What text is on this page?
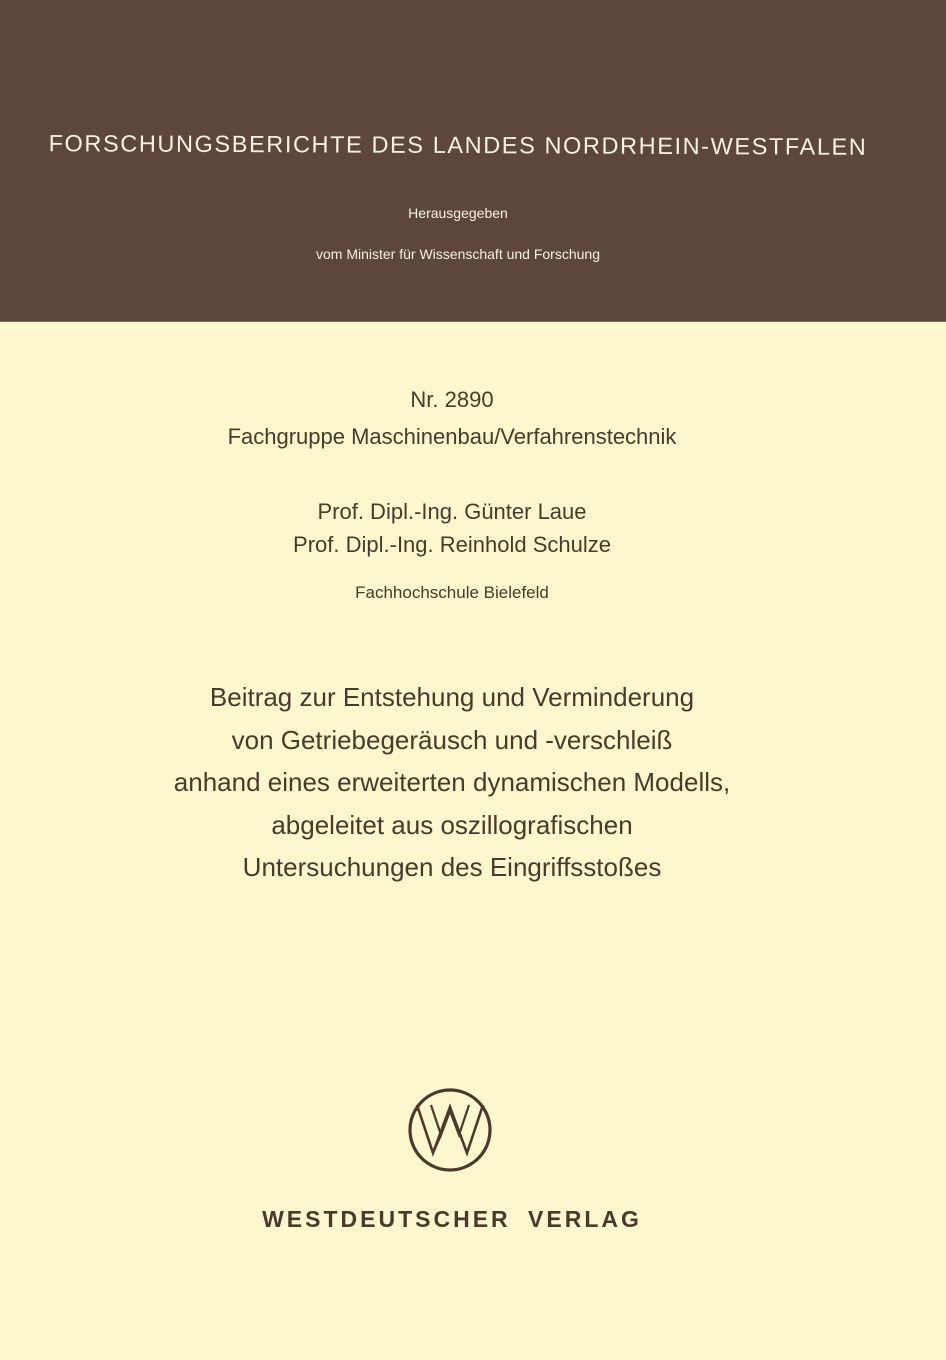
FORSCHUNGSBERICHTE DES LANDES NORDRHEIN-WESTFALEN
Herausgegeben
vom Minister für Wissenschaft und Forschung
Nr. 2890
Fachgruppe Maschinenbau/Verfahrenstechnik
Prof. Dipl.-Ing. Günter Laue
Prof. Dipl.-Ing. Reinhold Schulze
Fachhochschule Bielefeld
Beitrag zur Entstehung und Verminderung
von Getriebegeräusch und -verschleiß
anhand eines erweiterten dynamischen Modells,
abgeleitet aus oszillografischen
Untersuchungen des Eingriffsstoßes
WESTDEUTSCHER VERLAG
